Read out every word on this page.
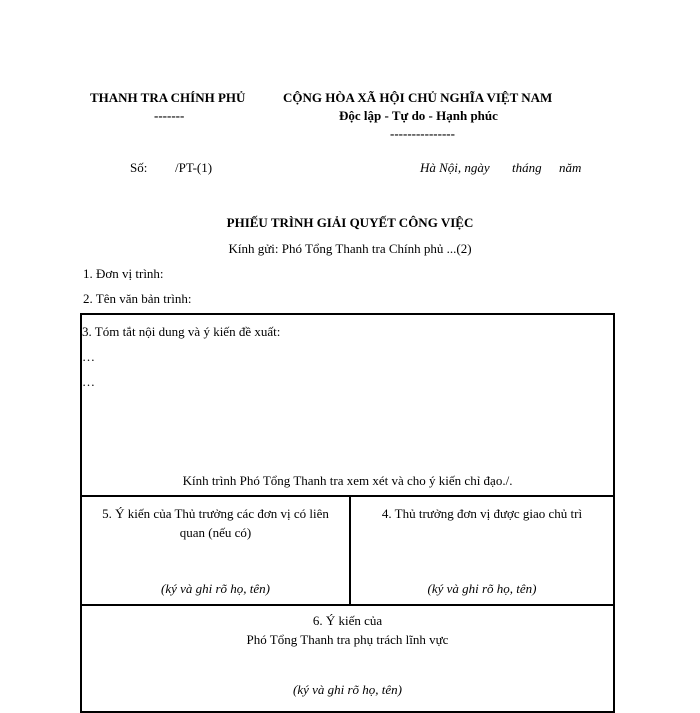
THANH TRA CHÍNH PHỦ
-------
CỘNG HÒA XÃ HỘI CHỦ NGHĨA VIỆT NAM
Độc lập - Tự do - Hạnh phúc
---------------
Số: /PT-(1)	Hà Nội, ngày tháng năm
PHIẾU TRÌNH GIẢI QUYẾT CÔNG VIỆC
Kính gửi: Phó Tổng Thanh tra Chính phủ ...(2)
1. Đơn vị trình:
2. Tên văn bản trình:
3. Tóm tắt nội dung và ý kiến đề xuất:
…
…
Kính trình Phó Tổng Thanh tra xem xét và cho ý kiến chỉ đạo./.
5. Ý kiến của Thủ trưởng các đơn vị có liên
quan (nếu có)
(ký và ghi rõ họ, tên)
4. Thủ trưởng đơn vị được giao chủ trì
(ký và ghi rõ họ, tên)
6. Ý kiến của
Phó Tổng Thanh tra phụ trách lĩnh vực
(ký và ghi rõ họ, tên)
